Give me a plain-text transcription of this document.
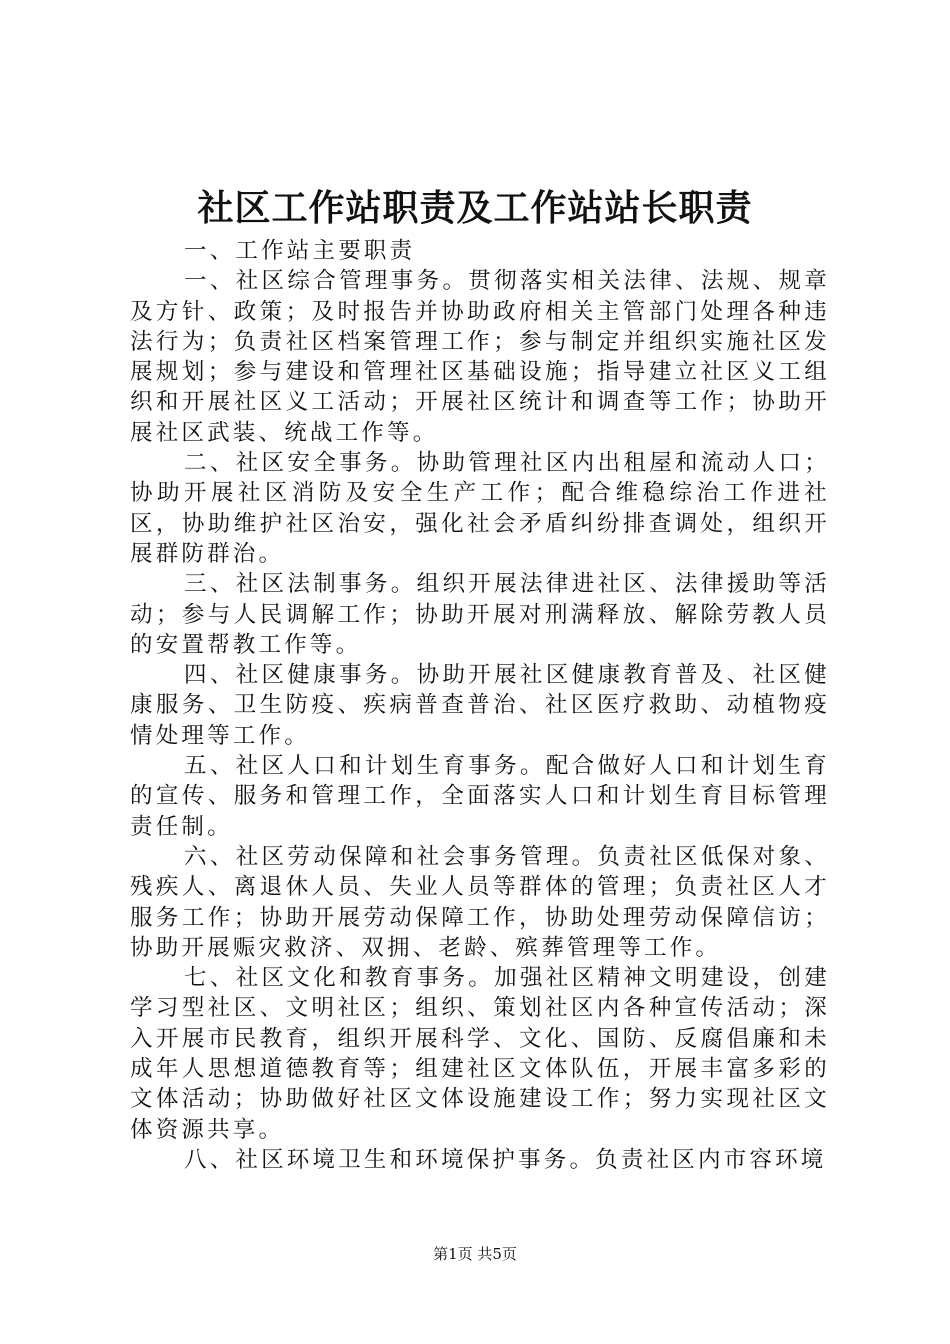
社区工作站职责及工作站站长职责

一、工作站主要职责

一、社区综合管理事务。贯彻落实相关法律、法规、规章及方针、政策；及时报告并协助政府相关主管部门处理各种违法行为；负责社区档案管理工作；参与制定并组织实施社区发展规划；参与建设和管理社区基础设施；指导建立社区义工组织和开展社区义工活动；开展社区统计和调查等工作；协助开展社区武装、统战工作等。

二、社区安全事务。协助管理社区内出租屋和流动人口；协助开展社区消防及安全生产工作；配合维稳综治工作进社区，协助维护社区治安，强化社会矛盾纠纷排查调处，组织开展群防群治。

三、社区法制事务。组织开展法律进社区、法律援助等活动；参与人民调解工作；协助开展对刑满释放、解除劳教人员的安置帮教工作等。

四、社区健康事务。协助开展社区健康教育普及、社区健康服务、卫生防疫、疾病普查普治、社区医疗救助、动植物疫情处理等工作。

五、社区人口和计划生育事务。配合做好人口和计划生育的宣传、服务和管理工作，全面落实人口和计划生育目标管理责任制。

六、社区劳动保障和社会事务管理。负责社区低保对象、残疾人、离退休人员、失业人员等群体的管理；负责社区人才服务工作；协助开展劳动保障工作，协助处理劳动保障信访；协助开展赈灾救济、双拥、老龄、殡葬管理等工作。

七、社区文化和教育事务。加强社区精神文明建设，创建学习型社区、文明社区；组织、策划社区内各种宣传活动；深入开展市民教育，组织开展科学、文化、国防、反腐倡廉和未成年人思想道德教育等；组建社区文体队伍，开展丰富多彩的文体活动；协助做好社区文体设施建设工作；努力实现社区文体资源共享。

八、社区环境卫生和环境保护事务。负责社区内市容环境

第1页 共5页
